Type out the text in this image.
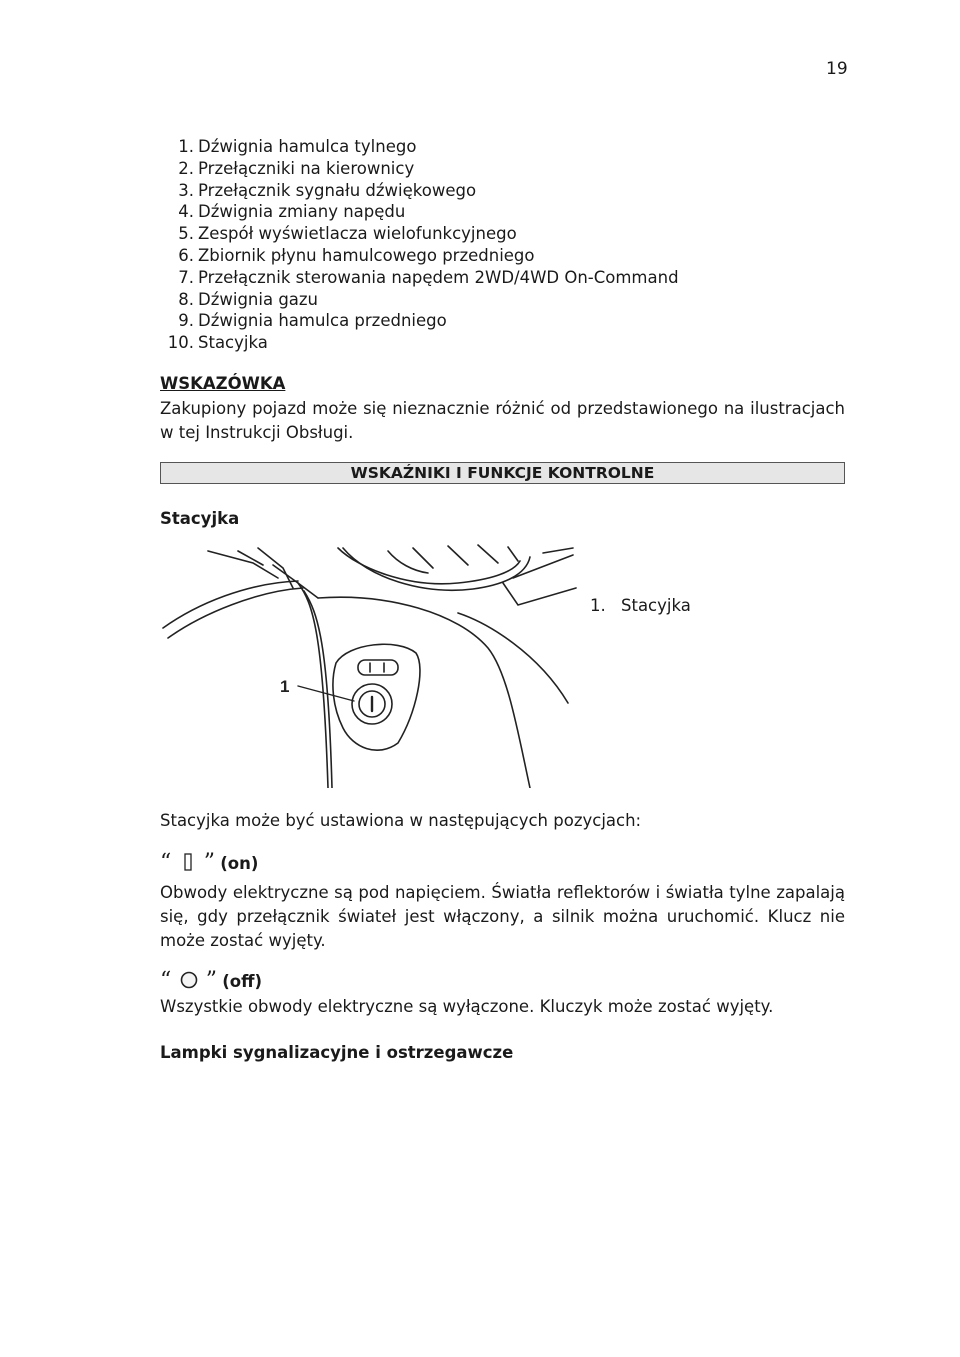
19
1. Dźwignia hamulca tylnego
2. Przełączniki na kierownicy
3. Przełącznik sygnału dźwiękowego
4. Dźwignia zmiany napędu
5. Zespół wyświetlacza wielofunkcyjnego
6. Zbiornik płynu hamulcowego przedniego
7. Przełącznik sterowania napędem 2WD/4WD On-Command
8. Dźwignia gazu
9. Dźwignia hamulca przedniego
10. Stacyjka
WSKAZÓWKA
Zakupiony pojazd może się nieznacznie różnić od przedstawionego na ilustracjach w tej Instrukcji Obsługi.
WSKAŹNIKI I FUNKCJE KONTROLNE
Stacyjka
1
1. Stacyjka
Stacyjka może być ustawiona w następujących pozycjach:
“ ” (on)
Obwody elektryczne są pod napięciem. Światła reflektorów i światła tylne zapalają się, gdy przełącznik świateł jest włączony, a silnik można uruchomić. Klucz nie może zostać wyjęty.
“ ” (off)
Wszystkie obwody elektryczne są wyłączone. Kluczyk może zostać wyjęty.
Lampki sygnalizacyjne i ostrzegawcze
